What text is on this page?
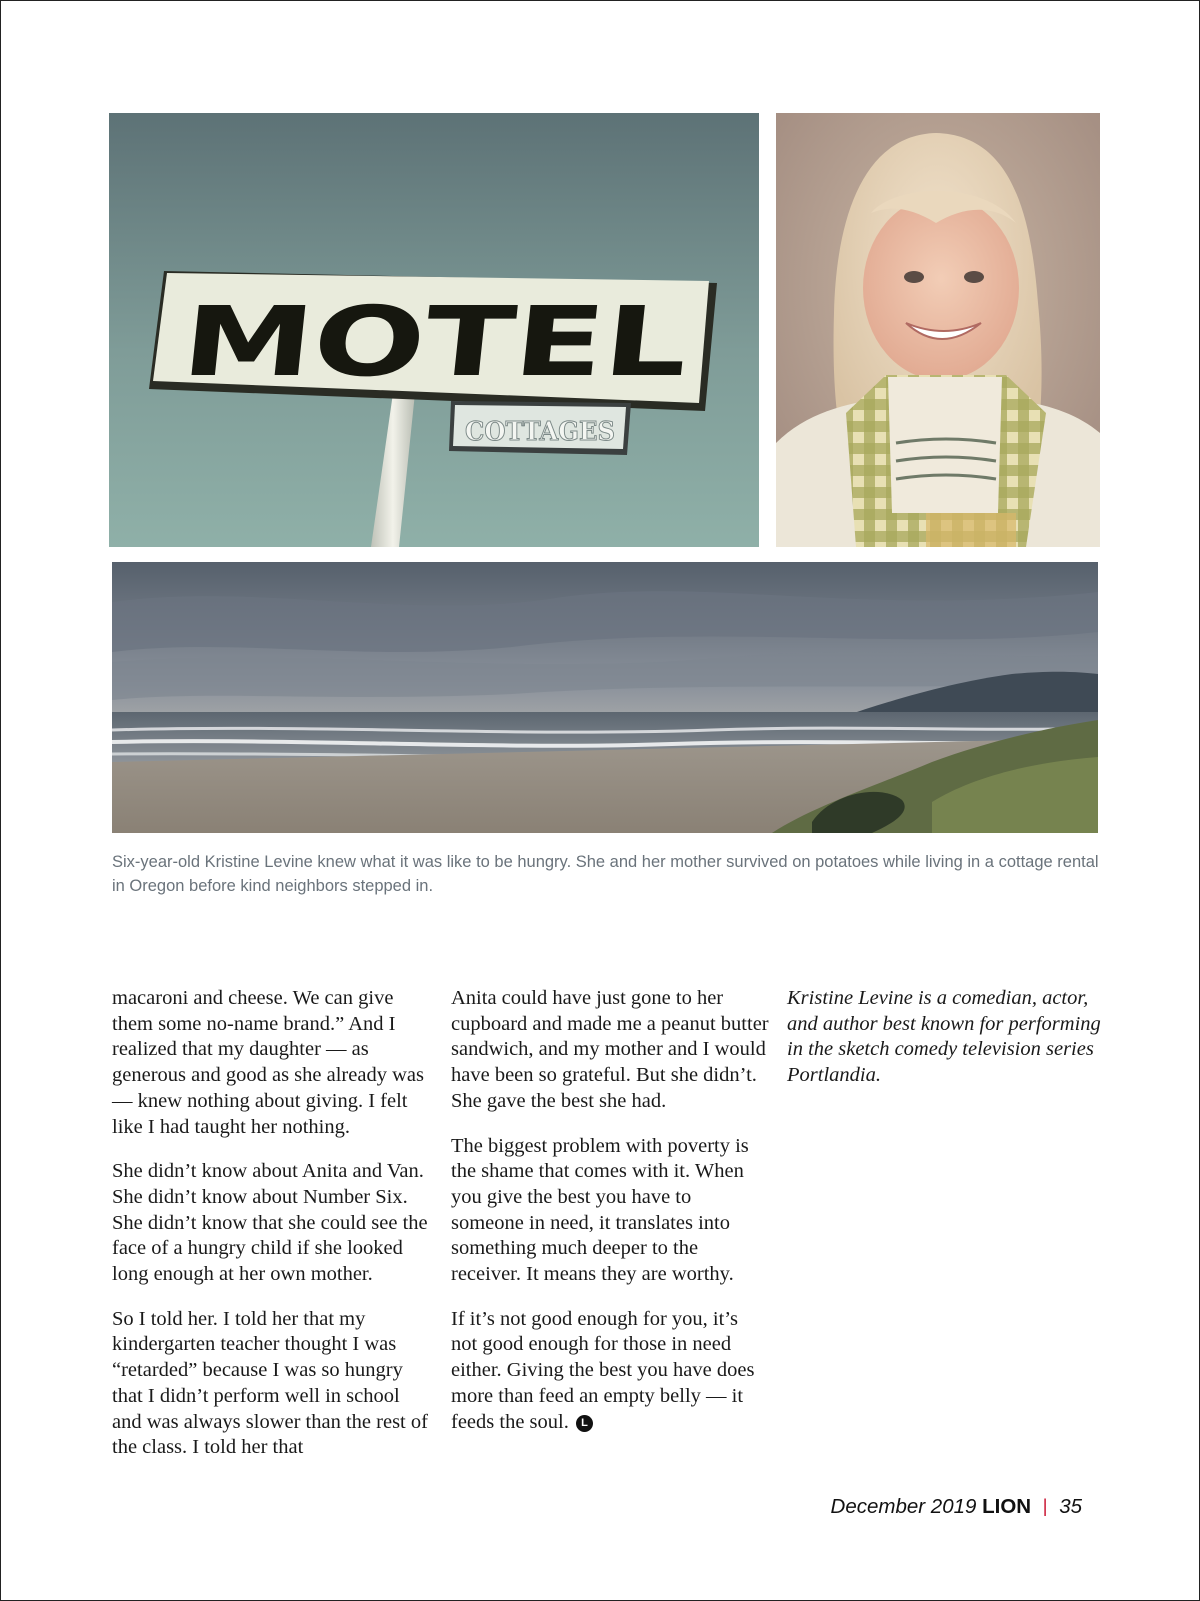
MOTEL
COTTAGES

Six-year-old Kristine Levine knew what it was like to be hungry. She and her mother survived on potatoes while living in a cottage rental in Oregon before kind neighbors stepped in.

macaroni and cheese. We can give them some no-name brand.” And I realized that my daughter — as generous and good as she already was — knew nothing about giving. I felt like I had taught her nothing.

She didn’t know about Anita and Van. She didn’t know about Number Six. She didn’t know that she could see the face of a hungry child if she looked long enough at her own mother.

So I told her. I told her that my kindergarten teacher thought I was “retarded” because I was so hungry that I didn’t perform well in school and was always slower than the rest of the class. I told her that

Anita could have just gone to her cupboard and made me a peanut butter sandwich, and my mother and I would have been so grateful. But she didn’t. She gave the best she had.

The biggest problem with poverty is the shame that comes with it. When you give the best you have to someone in need, it translates into something much deeper to the receiver. It means they are worthy.

If it’s not good enough for you, it’s not good enough for those in need either. Giving the best you have does more than feed an empty belly — it feeds the soul. L

Kristine Levine is a comedian, actor, and author best known for performing in the sketch comedy television series Portlandia.

December 2019 LION | 35
